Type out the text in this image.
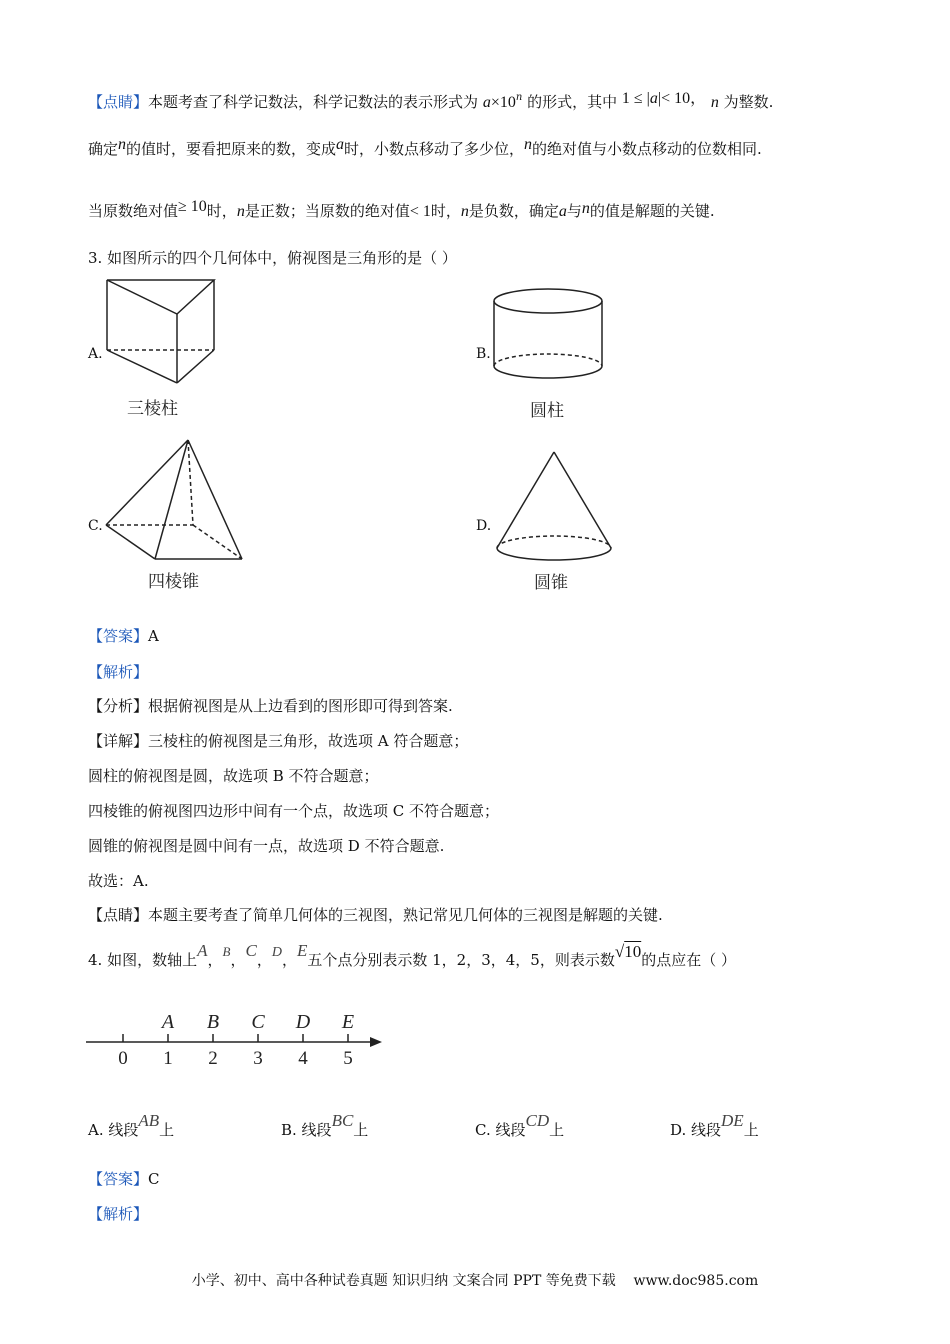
【点睛】本题考查了科学记数法，科学记数法的表示形式为 $a\times 10^n$ 的形式，其中 1 ≤ |a|< 10， n 为整数.
确定n的值时，要看把原来的数，变成a时，小数点移动了多少位，n的绝对值与小数点移动的位数相同.
当原数绝对值≥ 10时，n是正数；当原数的绝对值< 1时，n是负数，确定a与n的值是解题的关键.
3. 如图所示的四个几何体中，俯视图是三角形的是（ ）
A.
三棱柱
B.
圆柱
C.
四棱锥
D.
圆锥
【答案】A
【解析】
【分析】根据俯视图是从上边看到的图形即可得到答案.
【详解】三棱柱的俯视图是三角形，故选项 A 符合题意；
圆柱的俯视图是圆，故选项 B 不符合题意；
四棱锥的俯视图四边形中间有一个点，故选项 C 不符合题意；
圆锥的俯视图是圆中间有一点，故选项 D 不符合题意.
故选：A.
【点睛】本题主要考查了简单几何体的三视图，熟记常见几何体的三视图是解题的关键.
4. 如图，数轴上A，B，C，D，E五个点分别表示数 1，2，3，4，5，则表示数√10的点应在（ ）
A B C D E
0 1 2 3 4 5
A. 线段AB上	B. 线段BC上	C. 线段CD上	D. 线段DE上
【答案】C
【解析】
小学、初中、高中各种试卷真题 知识归纳 文案合同 PPT 等免费下载 www.doc985.com
